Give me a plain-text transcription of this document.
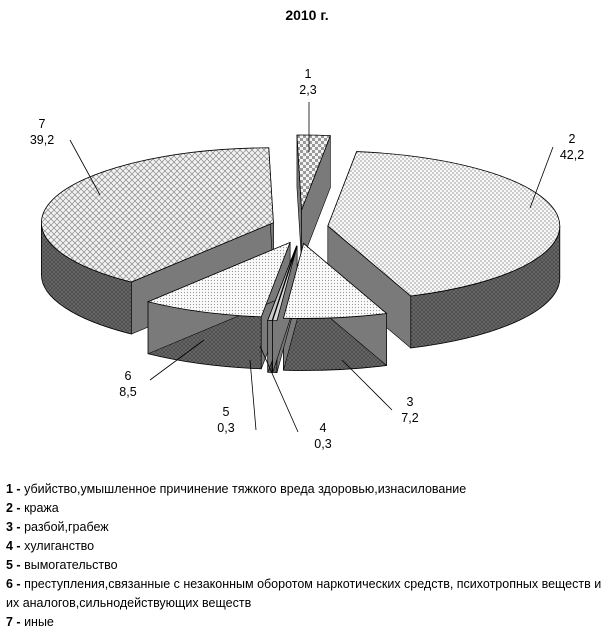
2010 г.
1
2,3
2
42,2
3
7,2
4
0,3
5
0,3
6
8,5
7
39,2
1 - убийство,умышленное причинение тяжкого вреда здоровью,изнасилование
2 - кража
3 - разбой,грабеж
4 - хулиганство
5 - вымогательство
6 - преступления,связанные с незаконным оборотом наркотических средств, психотропных веществ и их аналогов,сильнодействующих веществ
7 - иные
